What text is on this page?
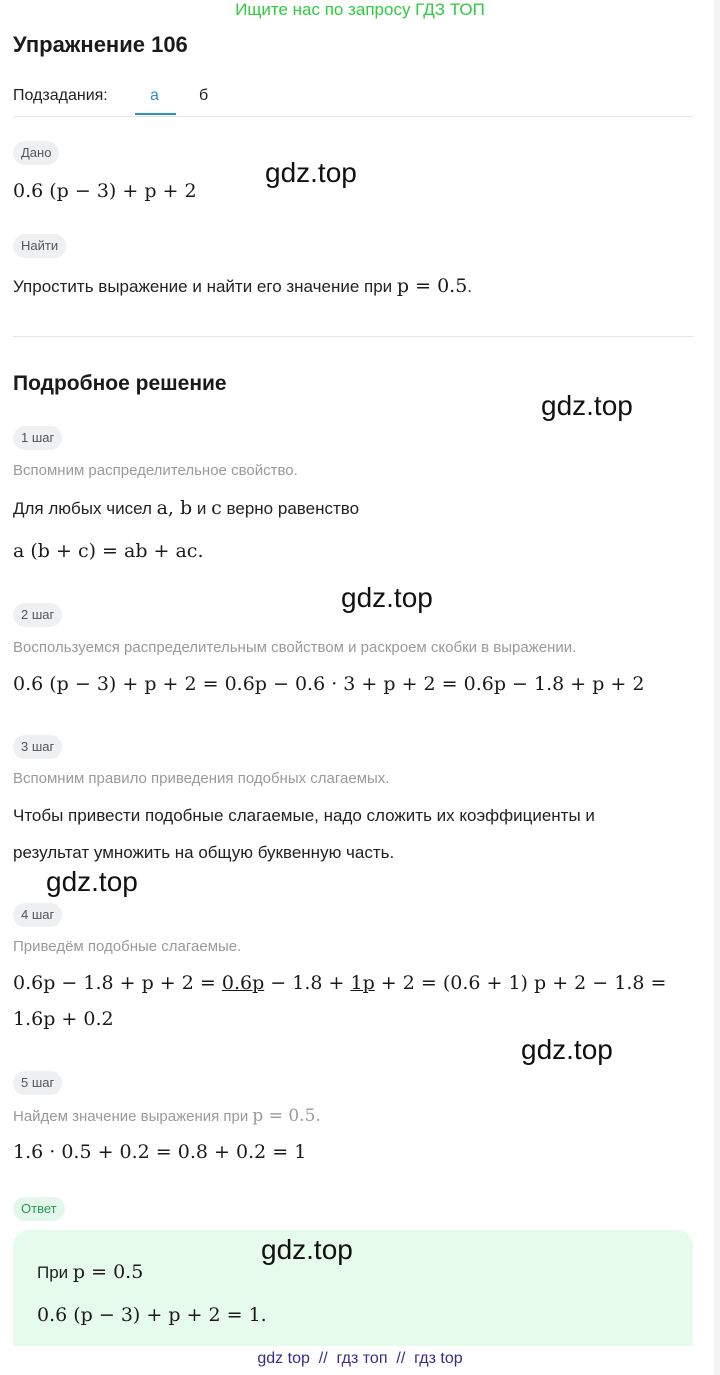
Ищите нас по запросу ГДЗ ТОП
Упражнение 106
Подзадания:	а	б
Дано
0.6 (p − 3) + p + 2
Найти
Упростить выражение и найти его значение при p = 0.5.
Подробное решение
1 шаг
Вспомним распределительное свойство.
Для любых чисел a, b и c верно равенство
a (b + c) = ab + ac.
2 шаг
Воспользуемся распределительным свойством и раскроем скобки в выражении.
0.6 (p − 3) + p + 2 = 0.6p − 0.6 · 3 + p + 2 = 0.6p − 1.8 + p + 2
3 шаг
Вспомним правило приведения подобных слагаемых.
Чтобы привести подобные слагаемые, надо сложить их коэффициенты и
результат умножить на общую буквенную часть.
4 шаг
Приведём подобные слагаемые.
0.6p − 1.8 + p + 2 = 0.6p − 1.8 + 1p + 2 = (0.6 + 1) p + 2 − 1.8 =
1.6p + 0.2
5 шаг
Найдем значение выражения при p = 0.5.
1.6 · 0.5 + 0.2 = 0.8 + 0.2 = 1
Ответ
При p = 0.5
0.6 (p − 3) + p + 2 = 1.
gdz.top
gdz.top
gdz.top
gdz.top
gdz.top
gdz.top
gdz top  //  гдз топ  //  гдз top
